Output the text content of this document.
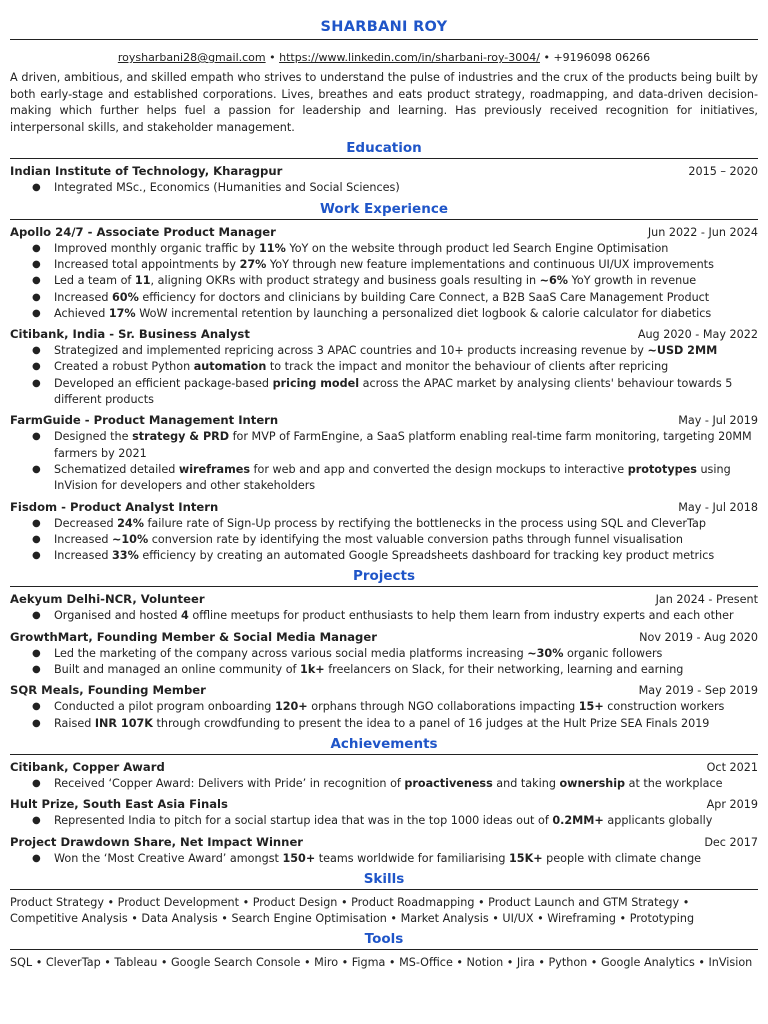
SHARBANI ROY
roysharbani28@gmail.com • https://www.linkedin.com/in/sharbani-roy-3004/ • +9196098 06266
A driven, ambitious, and skilled empath who strives to understand the pulse of industries and the crux of the products being built by both early-stage and established corporations. Lives, breathes and eats product strategy, roadmapping, and data-driven decision-making which further helps fuel a passion for leadership and learning. Has previously received recognition for initiatives, interpersonal skills, and stakeholder management.
Education
Indian Institute of Technology, Kharagpur	2015 – 2020
● Integrated MSc., Economics (Humanities and Social Sciences)
Work Experience
Apollo 24/7 - Associate Product Manager	Jun 2022 - Jun 2024
● Improved monthly organic traffic by 11% YoY on the website through product led Search Engine Optimisation
● Increased total appointments by 27% YoY through new feature implementations and continuous UI/UX improvements
● Led a team of 11, aligning OKRs with product strategy and business goals resulting in ~6% YoY growth in revenue
● Increased 60% efficiency for doctors and clinicians by building Care Connect, a B2B SaaS Care Management Product
● Achieved 17% WoW incremental retention by launching a personalized diet logbook & calorie calculator for diabetics
Citibank, India - Sr. Business Analyst	Aug 2020 - May 2022
● Strategized and implemented repricing across 3 APAC countries and 10+ products increasing revenue by ~USD 2MM
● Created a robust Python automation to track the impact and monitor the behaviour of clients after repricing
● Developed an efficient package-based pricing model across the APAC market by analysing clients' behaviour towards 5 different products
FarmGuide - Product Management Intern	May - Jul 2019
● Designed the strategy & PRD for MVP of FarmEngine, a SaaS platform enabling real-time farm monitoring, targeting 20MM farmers by 2021
● Schematized detailed wireframes for web and app and converted the design mockups to interactive prototypes using InVision for developers and other stakeholders
Fisdom - Product Analyst Intern	May - Jul 2018
● Decreased 24% failure rate of Sign-Up process by rectifying the bottlenecks in the process using SQL and CleverTap
● Increased ~10% conversion rate by identifying the most valuable conversion paths through funnel visualisation
● Increased 33% efficiency by creating an automated Google Spreadsheets dashboard for tracking key product metrics
Projects
Aekyum Delhi-NCR, Volunteer	Jan 2024 - Present
● Organised and hosted 4 offline meetups for product enthusiasts to help them learn from industry experts and each other
GrowthMart, Founding Member & Social Media Manager	Nov 2019 - Aug 2020
● Led the marketing of the company across various social media platforms increasing ~30% organic followers
● Built and managed an online community of 1k+ freelancers on Slack, for their networking, learning and earning
SQR Meals, Founding Member	May 2019 - Sep 2019
● Conducted a pilot program onboarding 120+ orphans through NGO collaborations impacting 15+ construction workers
● Raised INR 107K through crowdfunding to present the idea to a panel of 16 judges at the Hult Prize SEA Finals 2019
Achievements
Citibank, Copper Award	Oct 2021
● Received ‘Copper Award: Delivers with Pride’ in recognition of proactiveness and taking ownership at the workplace
Hult Prize, South East Asia Finals	Apr 2019
● Represented India to pitch for a social startup idea that was in the top 1000 ideas out of 0.2MM+ applicants globally
Project Drawdown Share, Net Impact Winner	Dec 2017
● Won the ‘Most Creative Award’ amongst 150+ teams worldwide for familiarising 15K+ people with climate change
Skills
Product Strategy • Product Development • Product Design • Product Roadmapping • Product Launch and GTM Strategy • Competitive Analysis • Data Analysis • Search Engine Optimisation • Market Analysis • UI/UX • Wireframing • Prototyping
Tools
SQL • CleverTap • Tableau • Google Search Console • Miro • Figma • MS-Office • Notion • Jira • Python • Google Analytics • InVision
